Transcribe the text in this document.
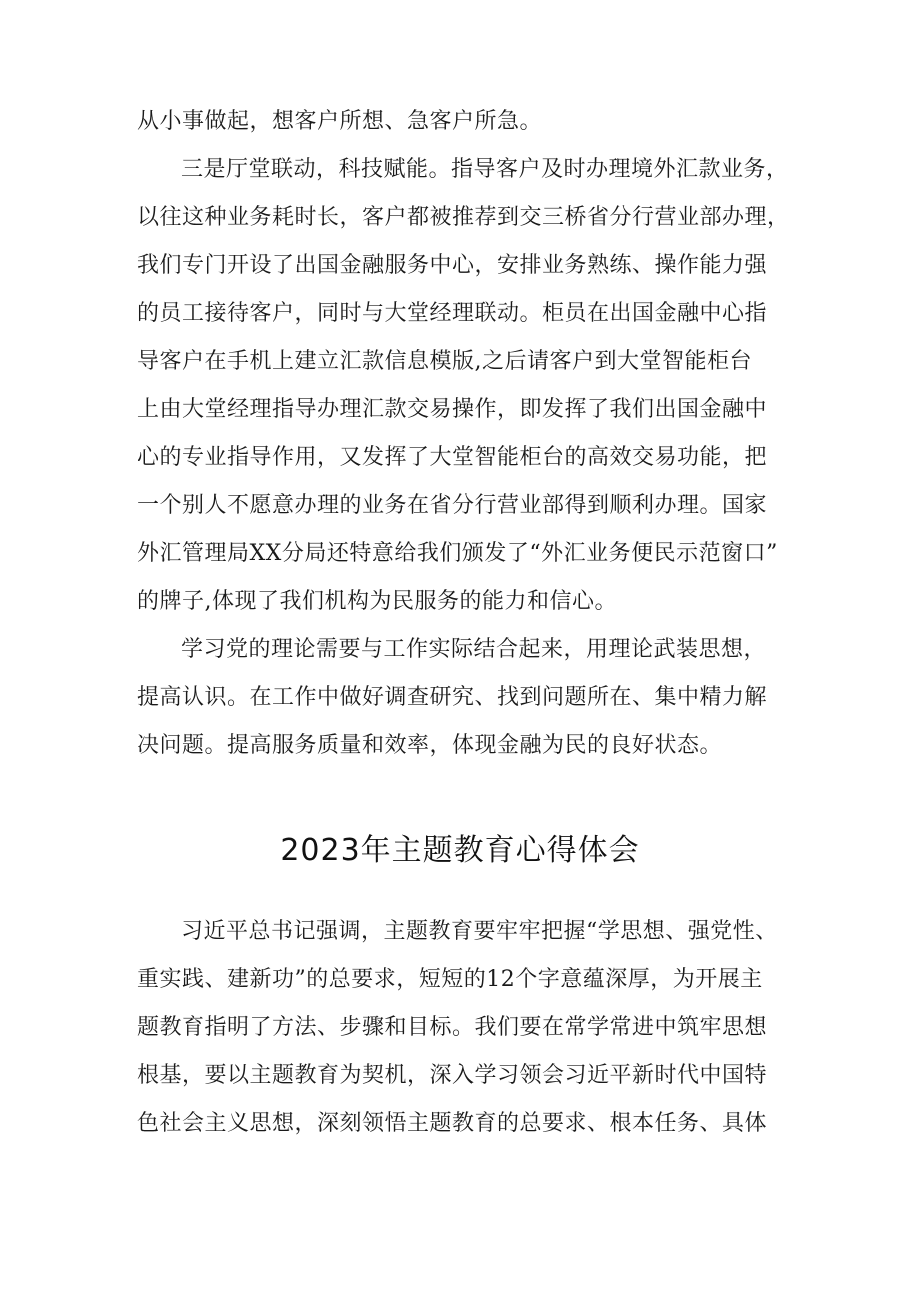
从小事做起，想客户所想、急客户所急。
三是厅堂联动，科技赋能。指导客户及时办理境外汇款业务，
以往这种业务耗时长，客户都被推荐到交三桥省分行营业部办理，
我们专门开设了出国金融服务中心，安排业务熟练、操作能力强
的员工接待客户，同时与大堂经理联动。柜员在出国金融中心指
导客户在手机上建立汇款信息模版,之后请客户到大堂智能柜台
上由大堂经理指导办理汇款交易操作，即发挥了我们出国金融中
心的专业指导作用，又发挥了大堂智能柜台的高效交易功能，把
一个别人不愿意办理的业务在省分行营业部得到顺利办理。国家
外汇管理局XX分局还特意给我们颁发了“外汇业务便民示范窗口”
的牌子,体现了我们机构为民服务的能力和信心。
学习党的理论需要与工作实际结合起来，用理论武装思想，
提高认识。在工作中做好调查研究、找到问题所在、集中精力解
决问题。提高服务质量和效率，体现金融为民的良好状态。
2023年主题教育心得体会
习近平总书记强调，主题教育要牢牢把握“学思想、强党性、
重实践、建新功”的总要求，短短的12个字意蕴深厚，为开展主
题教育指明了方法、步骤和目标。我们要在常学常进中筑牢思想
根基，要以主题教育为契机，深入学习领会习近平新时代中国特
色社会主义思想，深刻领悟主题教育的总要求、根本任务、具体
